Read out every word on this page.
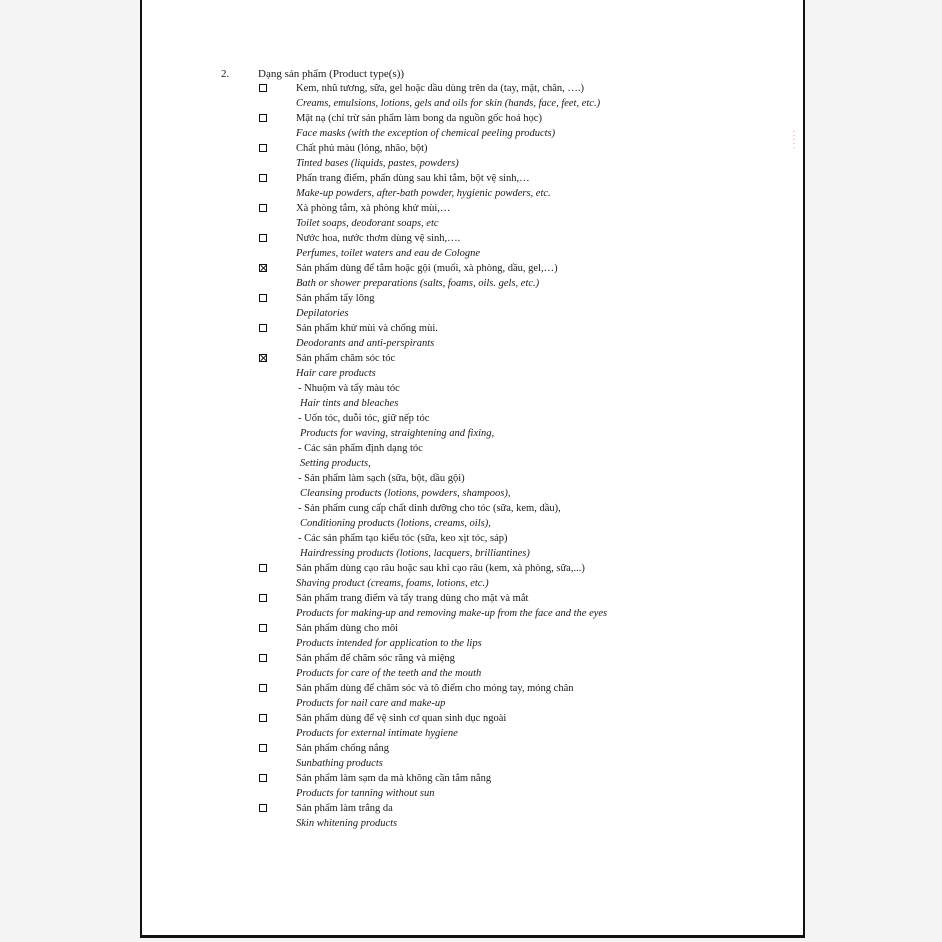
2.	Dạng sản phẩm (Product type(s))
Kem, nhũ tương, sữa, gel hoặc dầu dùng trên da (tay, mặt, chân, ….)
Creams, emulsions, lotions, gels and oils for skin (hands, face, feet, etc.)
Mặt nạ (chỉ trừ sản phẩm làm bong da nguồn gốc hoá học)
Face masks (with the exception of chemical peeling products)
Chất phủ màu (lỏng, nhão, bột)
Tinted bases (liquids, pastes, powders)
Phấn trang điểm, phấn dùng sau khi tắm, bột vệ sinh,…
Make-up powders, after-bath powder, hygienic powders, etc.
Xà phòng tắm, xà phòng khử mùi,…
Toilet soaps, deodorant soaps, etc
Nước hoa, nước thơm dùng vệ sinh,….
Perfumes, toilet waters and eau de Cologne
Sản phẩm dùng để tắm hoặc gội (muối, xà phòng, dầu, gel,…)
Bath or shower preparations (salts, foams, oils. gels, etc.)
Sản phẩm tẩy lông
Depilatories
Sản phẩm khử mùi và chống mùi.
Deodorants and anti-perspirants
Sản phẩm chăm sóc tóc
Hair care products
- Nhuộm và tẩy màu tóc
Hair tints and bleaches
- Uốn tóc, duỗi tóc, giữ nếp tóc
Products for waving, straightening and fixing,
- Các sản phẩm định dạng tóc
Setting products,
- Sản phẩm làm sạch (sữa, bột, dầu gội)
Cleansing products (lotions, powders, shampoos),
- Sản phẩm cung cấp chất dinh dưỡng cho tóc (sữa, kem, dầu),
Conditioning products (lotions, creams, oils),
- Các sản phẩm tạo kiểu tóc (sữa, keo xịt tóc, sáp)
Hairdressing products (lotions, lacquers, brilliantines)
Sản phẩm dùng cạo râu hoặc sau khi cạo râu (kem, xà phòng, sữa,...)
Shaving product (creams, foams, lotions, etc.)
Sản phẩm trang điểm và tẩy trang dùng cho mặt và mắt
Products for making-up and removing make-up from the face and the eyes
Sản phẩm dùng cho môi
Products intended for application to the lips
Sản phẩm để chăm sóc răng và miệng
Products for care of the teeth and the mouth
Sản phẩm dùng để chăm sóc và tô điểm cho móng tay, móng chân
Products for nail care and make-up
Sản phẩm dùng để vệ sinh cơ quan sinh dục ngoài
Products for external intimate hygiene
Sản phẩm chống nắng
Sunbathing products
Sản phẩm làm sạm da mà không cần tắm nắng
Products for tanning without sun
Sản phẩm làm trắng da
Skin whitening products
⸱ ⸱ ⸱ ⸱ ⸱
